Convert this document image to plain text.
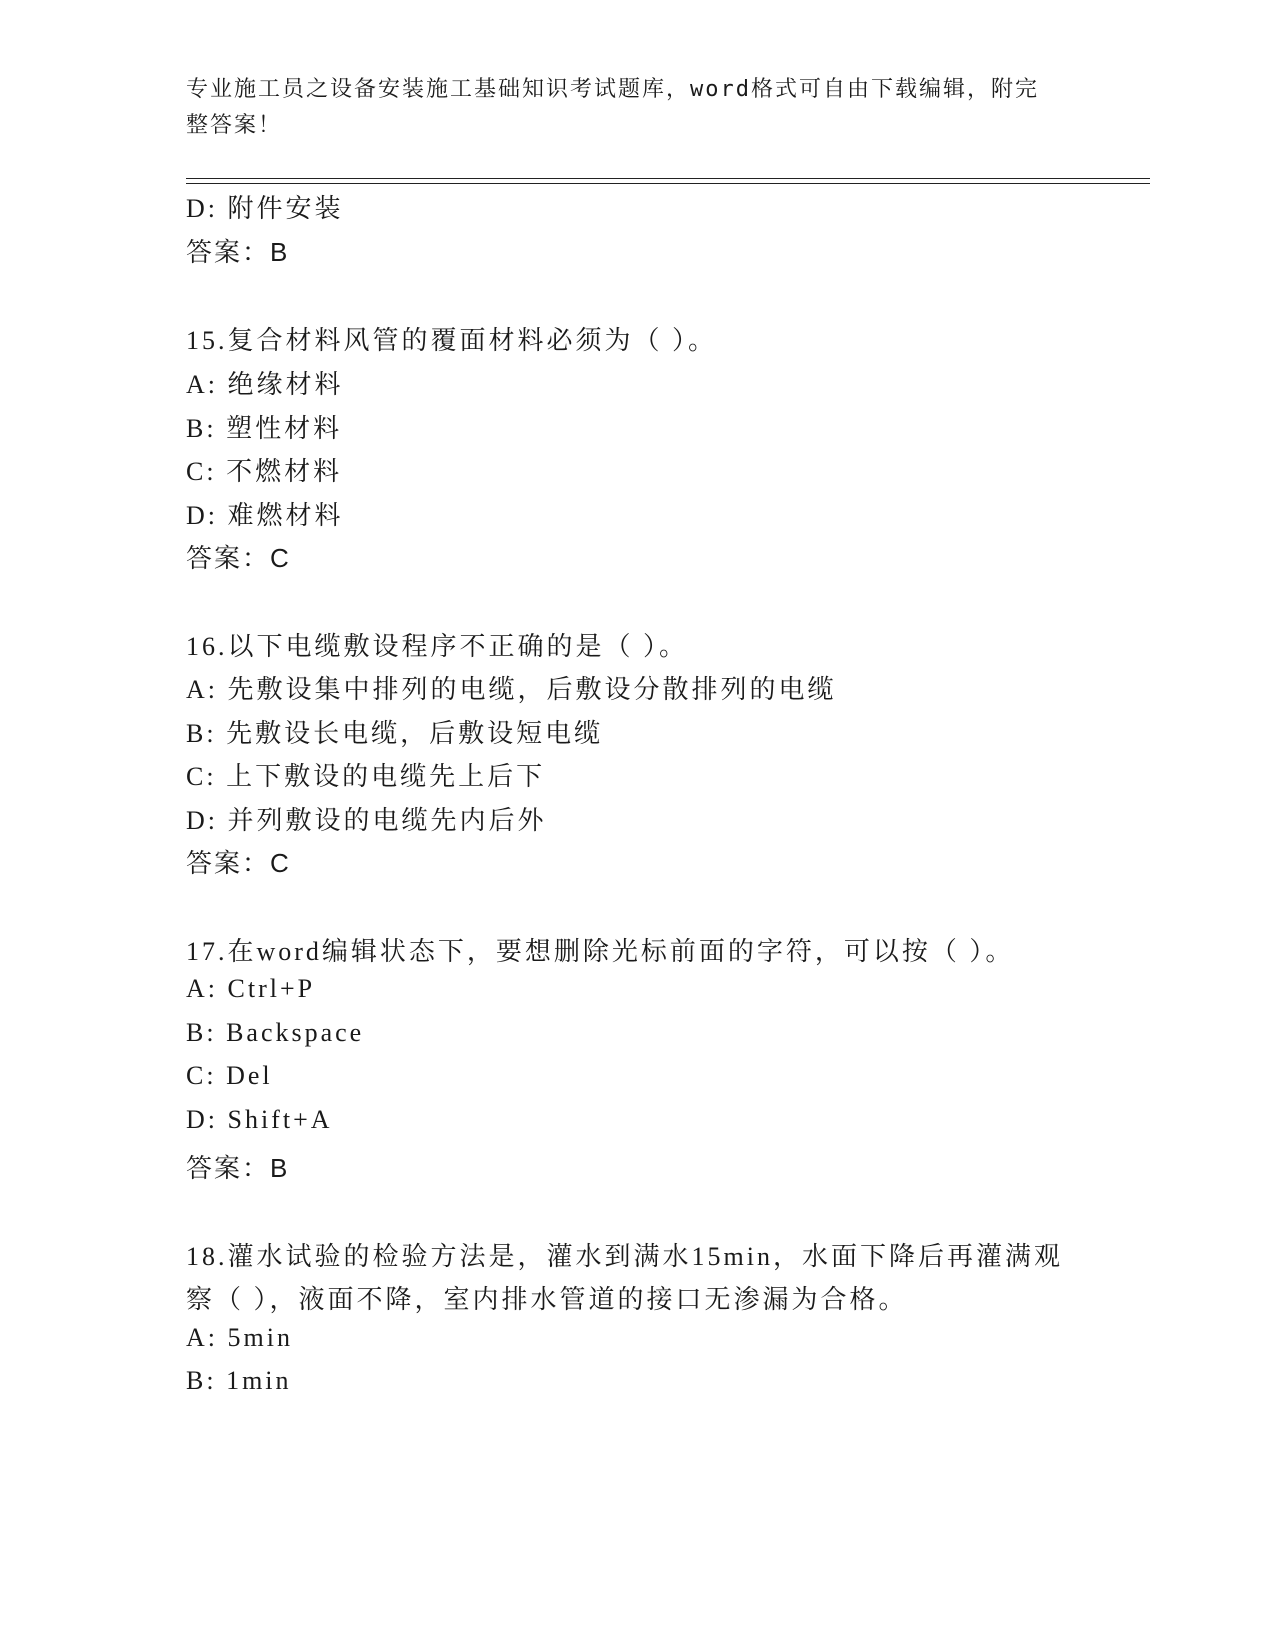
专业施工员之设备安装施工基础知识考试题库，word格式可自由下载编辑，附完
整答案！
D: 附件安装
答案：B
15.复合材料风管的覆面材料必须为（ ）。
A: 绝缘材料
B: 塑性材料
C: 不燃材料
D: 难燃材料
答案：C
16.以下电缆敷设程序不正确的是（ ）。
A: 先敷设集中排列的电缆，后敷设分散排列的电缆
B: 先敷设长电缆，后敷设短电缆
C: 上下敷设的电缆先上后下
D: 并列敷设的电缆先内后外
答案：C
17.在word编辑状态下，要想删除光标前面的字符，可以按（ ）。
A: Ctrl+P
B: Backspace
C: Del
D: Shift+A
答案：B
18.灌水试验的检验方法是，灌水到满水15min，水面下降后再灌满观
察（ ），液面不降，室内排水管道的接口无渗漏为合格。
A: 5min
B: 1min
